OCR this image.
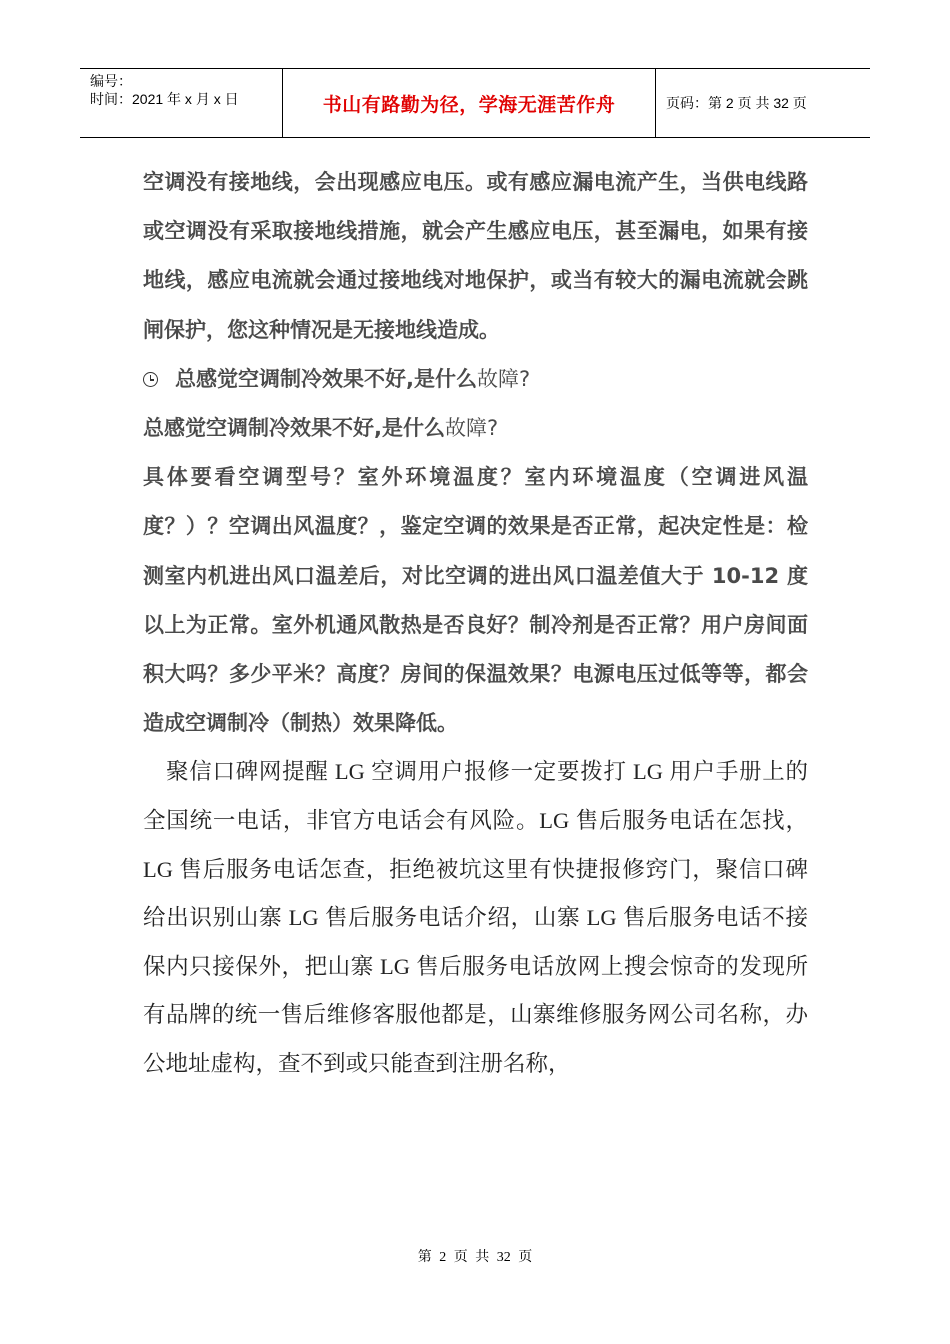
编号：
时间：2021 年 x 月 x 日	书山有路勤为径，学海无涯苦作舟	页码：第 2 页 共 32 页

空调没有接地线，会出现感应电压。或有感应漏电流产生，当供电线路或空调没有采取接地线措施，就会产生感应电压，甚至漏电，如果有接地线，感应电流就会通过接地线对地保护，或当有较大的漏电流就会跳闸保护，您这种情况是无接地线造成。

总感觉空调制冷效果不好,是什么故障?

总感觉空调制冷效果不好,是什么故障?

具体要看空调型号？室外环境温度？室内环境温度（空调进风温度？）？空调出风温度？，鉴定空调的效果是否正常，起决定性是：检测室内机进出风口温差后，对比空调的进出风口温差值大于 10-12 度以上为正常。室外机通风散热是否良好？制冷剂是否正常？用户房间面积大吗？多少平米？高度？房间的保温效果？电源电压过低等等，都会造成空调制冷（制热）效果降低。

聚信口碑网提醒 LG 空调用户报修一定要拨打 LG 用户手册上的全国统一电话，非官方电话会有风险。LG 售后服务电话在怎找，LG 售后服务电话怎查，拒绝被坑这里有快捷报修窍门，聚信口碑给出识别山寨 LG 售后服务电话介绍，山寨 LG 售后服务电话不接保内只接保外，把山寨 LG 售后服务电话放网上搜会惊奇的发现所有品牌的统一售后维修客服他都是，山寨维修服务网公司名称，办公地址虚构，查不到或只能查到注册名称，

第 2 页 共 32 页
